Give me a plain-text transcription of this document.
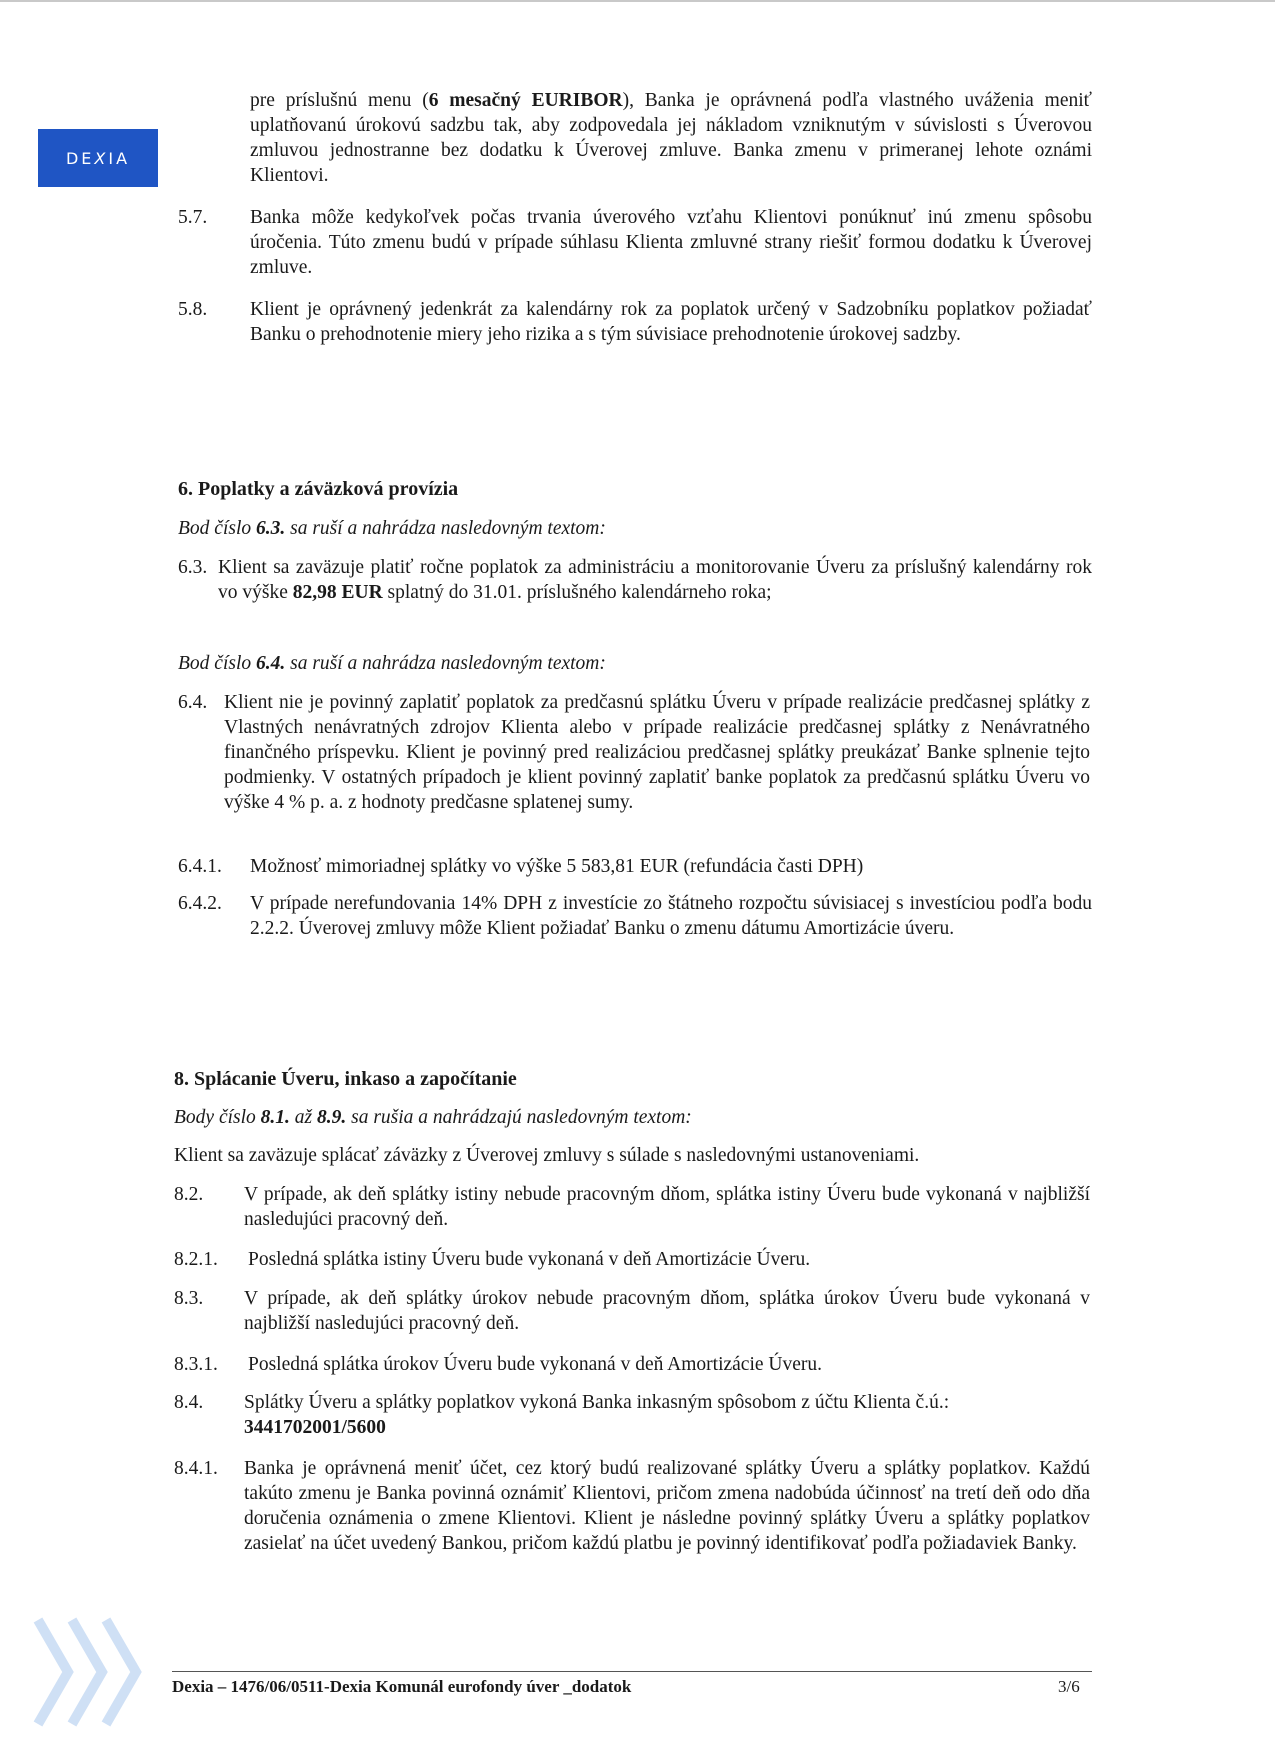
DE X IA

pre príslušnú menu (6 mesačný EURIBOR), Banka je oprávnená podľa vlastného uváženia meniť uplatňovanú úrokovú sadzbu tak, aby zodpovedala jej nákladom vzniknutým v súvislosti s Úverovou zmluvou jednostranne bez dodatku k Úverovej zmluve. Banka zmenu v primeranej lehote oznámi Klientovi.

5.7. Banka môže kedykoľvek počas trvania úverového vzťahu Klientovi ponúknuť inú zmenu spôsobu úročenia. Túto zmenu budú v prípade súhlasu Klienta zmluvné strany riešiť formou dodatku k Úverovej zmluve.

5.8. Klient je oprávnený jedenkrát za kalendárny rok za poplatok určený v Sadzobníku poplatkov požiadať Banku o prehodnotenie miery jeho rizika a s tým súvisiace prehodnotenie úrokovej sadzby.

6. Poplatky a záväzková provízia

Bod číslo 6.3. sa ruší a nahrádza nasledovným textom:

6.3. Klient sa zaväzuje platiť ročne poplatok za administráciu a monitorovanie Úveru za príslušný kalendárny rok vo výške 82,98 EUR splatný do 31.01. príslušného kalendárneho roka;

Bod číslo 6.4. sa ruší a nahrádza nasledovným textom:

6.4. Klient nie je povinný zaplatiť poplatok za predčasnú splátku Úveru v prípade realizácie predčasnej splátky z Vlastných nenávratných zdrojov Klienta alebo v prípade realizácie predčasnej splátky z Nenávratného finančného príspevku. Klient je povinný pred realizáciou predčasnej splátky preukázať Banke splnenie tejto podmienky. V ostatných prípadoch je klient povinný zaplatiť banke poplatok za predčasnú splátku Úveru vo výške 4 % p. a. z hodnoty predčasne splatenej sumy.

6.4.1. Možnosť mimoriadnej splátky vo výške 5 583,81 EUR (refundácia časti DPH)

6.4.2. V prípade nerefundovania 14% DPH z investície zo štátneho rozpočtu súvisiacej s investíciou podľa bodu 2.2.2. Úverovej zmluvy môže Klient požiadať Banku o zmenu dátumu Amortizácie úveru.

8. Splácanie Úveru, inkaso a započítanie

Body číslo 8.1. až 8.9. sa rušia a nahrádzajú nasledovným textom:

Klient sa zaväzuje splácať záväzky z Úverovej zmluvy s súlade s nasledovnými ustanoveniami.

8.2. V prípade, ak deň splátky istiny nebude pracovným dňom, splátka istiny Úveru bude vykonaná v najbližší nasledujúci pracovný deň.

8.2.1. Posledná splátka istiny Úveru bude vykonaná v deň Amortizácie Úveru.

8.3. V prípade, ak deň splátky úrokov nebude pracovným dňom, splátka úrokov Úveru bude vykonaná v najbližší nasledujúci pracovný deň.

8.3.1. Posledná splátka úrokov Úveru bude vykonaná v deň Amortizácie Úveru.

8.4. Splátky Úveru a splátky poplatkov vykoná Banka inkasným spôsobom z účtu Klienta č.ú.:
3441702001/5600

8.4.1. Banka je oprávnená meniť účet, cez ktorý budú realizované splátky Úveru a splátky poplatkov. Každú takúto zmenu je Banka povinná oznámiť Klientovi, pričom zmena nadobúda účinnosť na tretí deň odo dňa doručenia oznámenia o zmene Klientovi. Klient je následne povinný splátky Úveru a splátky poplatkov zasielať na účet uvedený Bankou, pričom každú platbu je povinný identifikovať podľa požiadaviek Banky.

Dexia – 1476/06/0511-Dexia Komunál eurofondy úver _dodatok	3/6
